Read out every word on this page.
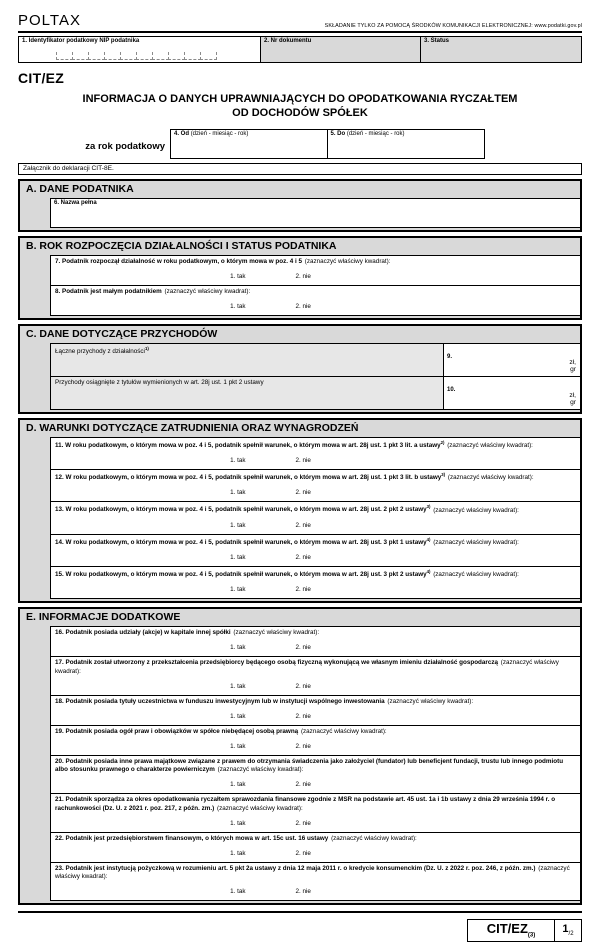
POLTAX	SKŁADANIE TYLKO ZA POMOCĄ ŚRODKÓW KOMUNIKACJI ELEKTRONICZNEJ: www.podatki.gov.pl
1. Identyfikator podatkowy NIP podatnika	2. Nr dokumentu	3. Status
CIT/EZ
INFORMACJA O DANYCH UPRAWNIAJĄCYCH DO OPODATKOWANIA RYCZAŁTEM
OD DOCHODÓW SPÓŁEK
za rok podatkowy
4. Od (dzień - miesiąc - rok)	5. Do (dzień - miesiąc - rok)
Załącznik do deklaracji CIT-8E.
A. DANE PODATNIKA
6. Nazwa pełna
B. ROK ROZPOCZĘCIA DZIAŁALNOŚCI I STATUS PODATNIKA
7. Podatnik rozpoczął działalność w roku podatkowym, o którym mowa w poz. 4 i 5 (zaznaczyć właściwy kwadrat):
1. tak	2. nie
8. Podatnik jest małym podatnikiem (zaznaczyć właściwy kwadrat):
1. tak	2. nie
C. DANE DOTYCZĄCE PRZYCHODÓW
Łączne przychody z działalności$^{1)}$
9.
zł,
gr
Przychody osiągnięte z tytułów wymienionych w art. 28j ust. 1 pkt 2 ustawy
10.
zł,
gr
D. WARUNKI DOTYCZĄCE ZATRUDNIENIA ORAZ WYNAGRODZEŃ
11. W roku podatkowym, o którym mowa w poz. 4 i 5, podatnik spełnił warunek, o którym mowa w art. 28j ust. 1 pkt 3 lit. a ustawy$^{2)}$ (zaznaczyć właściwy kwadrat):
1. tak	2. nie
12. W roku podatkowym, o którym mowa w poz. 4 i 5, podatnik spełnił warunek, o którym mowa w art. 28j ust. 1 pkt 3 lit. b ustawy$^{3)}$ (zaznaczyć właściwy kwadrat):
1. tak	2. nie
13. W roku podatkowym, o którym mowa w poz. 4 i 5, podatnik spełnił warunek, o którym mowa w art. 28j ust. 2 pkt 2 ustawy$^{3)}$ (zaznaczyć właściwy kwadrat):
1. tak	2. nie
14. W roku podatkowym, o którym mowa w poz. 4 i 5, podatnik spełnił warunek, o którym mowa w art. 28j ust. 3 pkt 1 ustawy$^{4)}$ (zaznaczyć właściwy kwadrat):
1. tak	2. nie
15. W roku podatkowym, o którym mowa w poz. 4 i 5, podatnik spełnił warunek, o którym mowa w art. 28j ust. 3 pkt 2 ustawy$^{4)}$ (zaznaczyć właściwy kwadrat):
1. tak	2. nie
E. INFORMACJE DODATKOWE
16. Podatnik posiada udziały (akcje) w kapitale innej spółki (zaznaczyć właściwy kwadrat):
1. tak	2. nie
17. Podatnik został utworzony z przekształcenia przedsiębiorcy będącego osobą fizyczną wykonującą we własnym imieniu działalność gospodarczą (zaznaczyć właściwy kwadrat):
1. tak	2. nie
18. Podatnik posiada tytuły uczestnictwa w funduszu inwestycyjnym lub w instytucji wspólnego inwestowania (zaznaczyć właściwy kwadrat):
1. tak	2. nie
19. Podatnik posiada ogół praw i obowiązków w spółce niebędącej osobą prawną (zaznaczyć właściwy kwadrat):
1. tak	2. nie
20. Podatnik posiada inne prawa majątkowe związane z prawem do otrzymania świadczenia jako założyciel (fundator) lub beneficjent fundacji, trustu lub innego podmiotu albo stosunku prawnego o charakterze powierniczym (zaznaczyć właściwy kwadrat):
1. tak	2. nie
21. Podatnik sporządza za okres opodatkowania ryczałtem sprawozdania finansowe zgodnie z MSR na podstawie art. 45 ust. 1a i 1b ustawy z dnia 29 września 1994 r. o rachunkowości (Dz. U. z 2021 r. poz. 217, z późn. zm.) (zaznaczyć właściwy kwadrat):
1. tak	2. nie
22. Podatnik jest przedsiębiorstwem finansowym, o których mowa w art. 15c ust. 16 ustawy (zaznaczyć właściwy kwadrat):
1. tak	2. nie
23. Podatnik jest instytucją pożyczkową w rozumieniu art. 5 pkt 2a ustawy z dnia 12 maja 2011 r. o kredycie konsumenckim (Dz. U. z 2022 r. poz. 246, z późn. zm.) (zaznaczyć właściwy kwadrat):
1. tak	2. nie
CIT/$EZ_{(3)}$
$1_{/2}$
